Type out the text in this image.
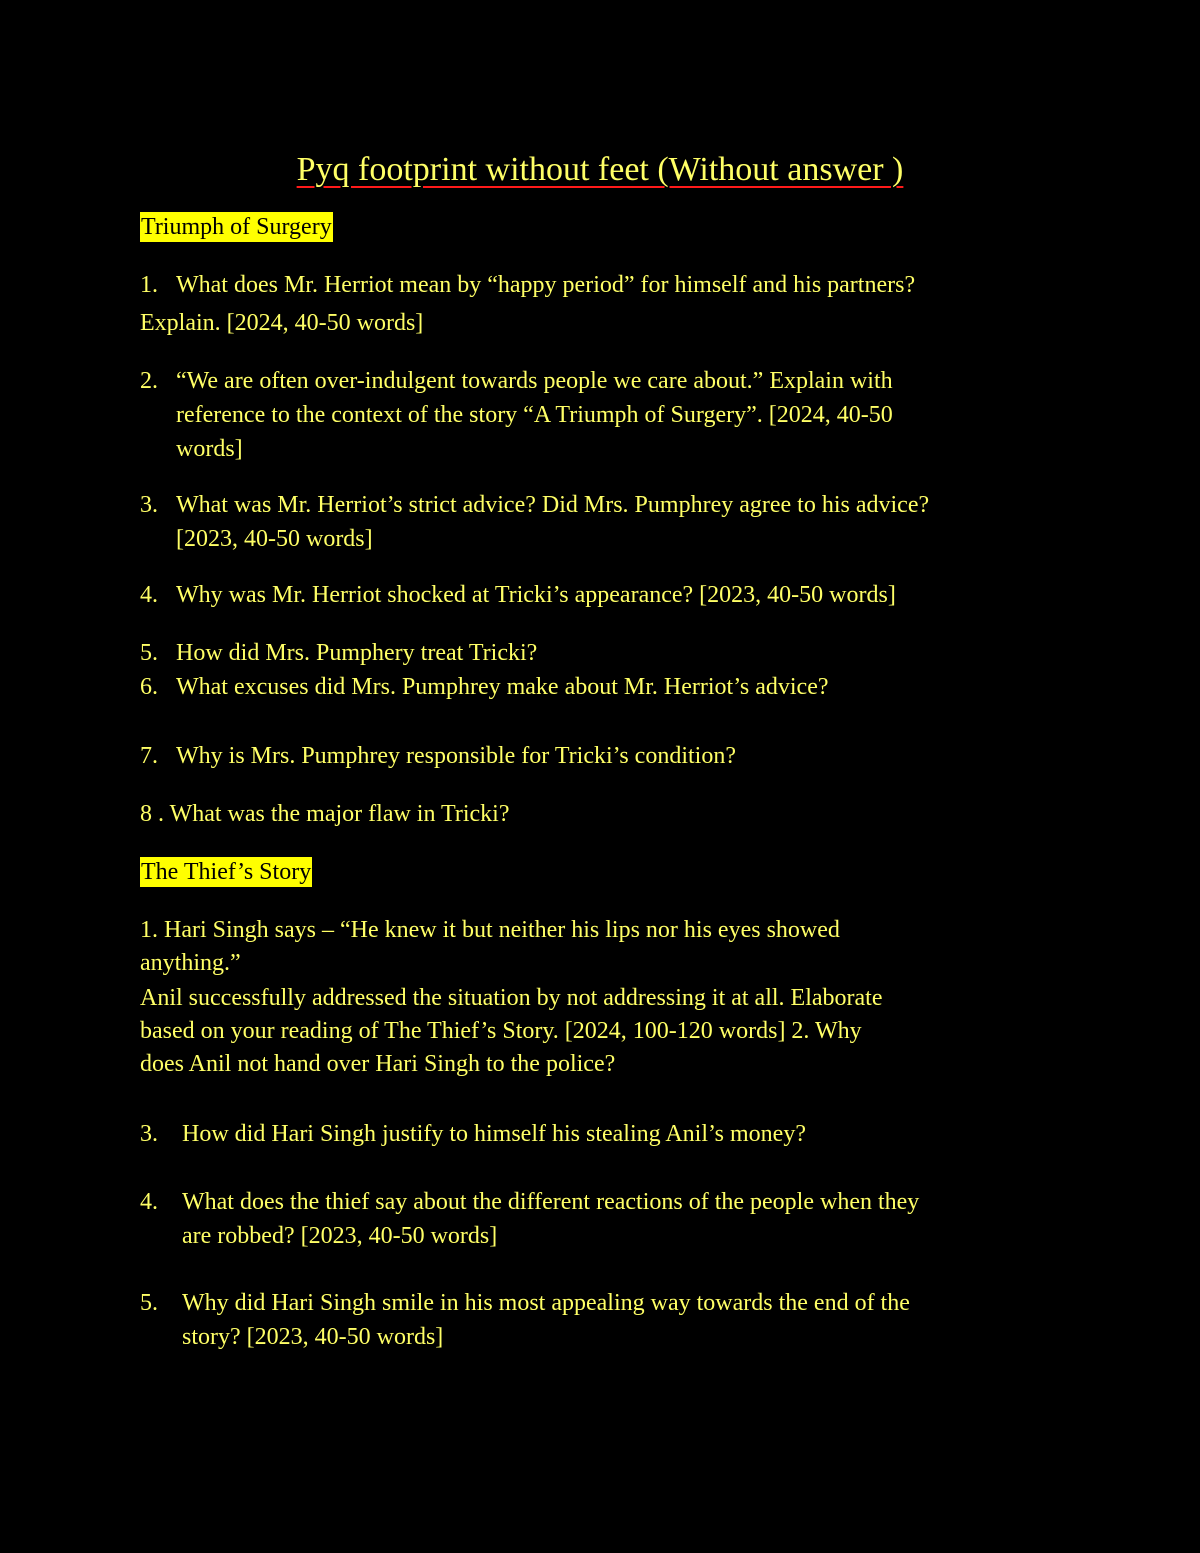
Pyq footprint without feet (Without answer )
Triumph of Surgery
1. What does Mr. Herriot mean by “happy period” for himself and his partners?
Explain. [2024, 40-50 words]
2. “We are often over-indulgent towards people we care about.” Explain with
reference to the context of the story “A Triumph of Surgery”. [2024, 40-50
words]
3. What was Mr. Herriot’s strict advice? Did Mrs. Pumphrey agree to his advice?
[2023, 40-50 words]
4. Why was Mr. Herriot shocked at Tricki’s appearance? [2023, 40-50 words]
5. How did Mrs. Pumphery treat Tricki?
6. What excuses did Mrs. Pumphrey make about Mr. Herriot’s advice?
7. Why is Mrs. Pumphrey responsible for Tricki’s condition?
8 . What was the major flaw in Tricki?
The Thief’s Story
1. Hari Singh says – “He knew it but neither his lips nor his eyes showed
anything.”
Anil successfully addressed the situation by not addressing it at all. Elaborate
based on your reading of The Thief’s Story. [2024, 100-120 words] 2. Why
does Anil not hand over Hari Singh to the police?
3. How did Hari Singh justify to himself his stealing Anil’s money?
4. What does the thief say about the different reactions of the people when they
are robbed? [2023, 40-50 words]
5. Why did Hari Singh smile in his most appealing way towards the end of the
story? [2023, 40-50 words]
